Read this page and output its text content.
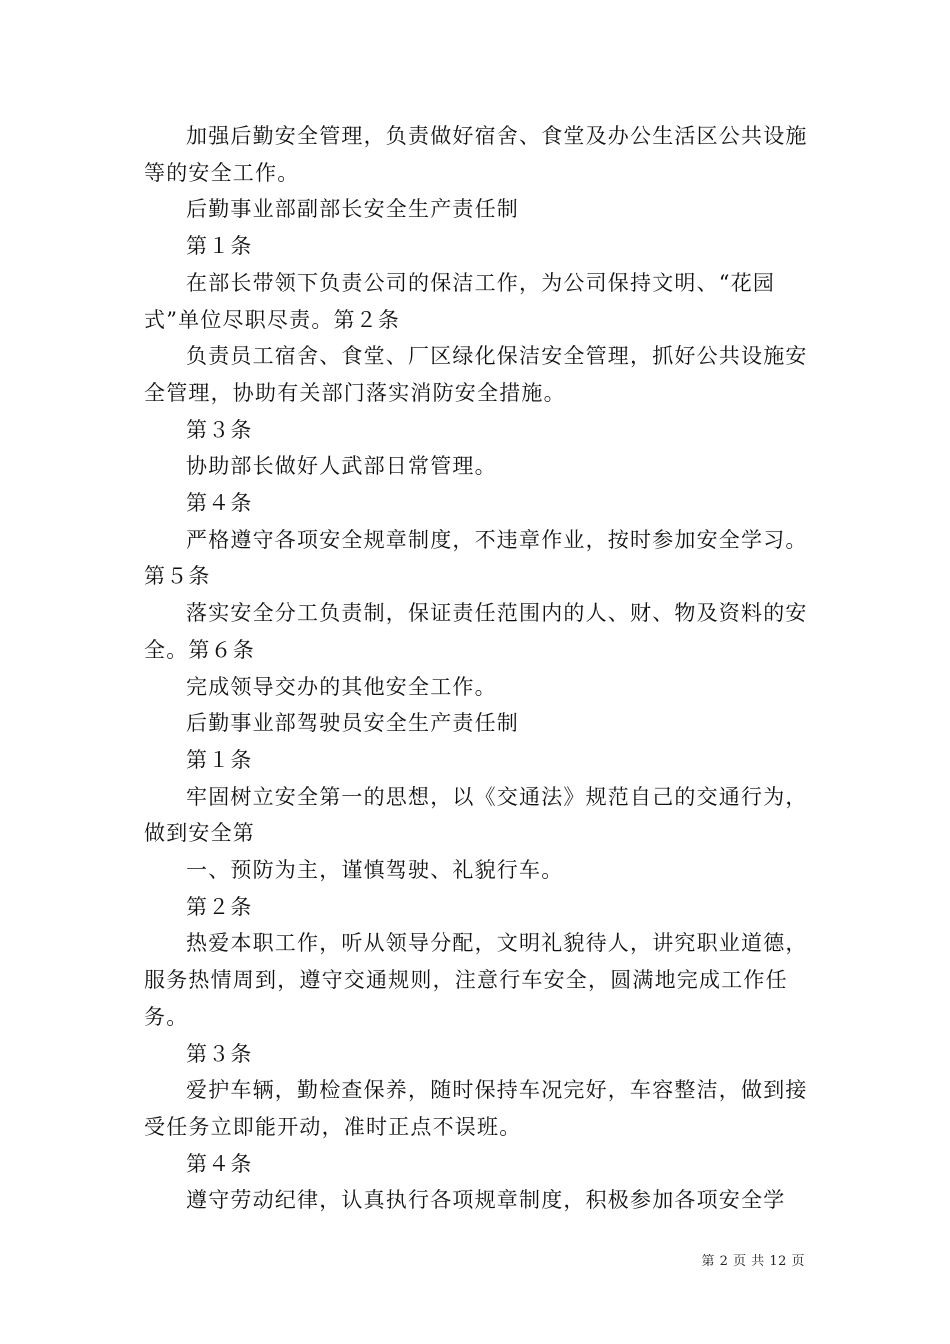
加强后勤安全管理，负责做好宿舍、食堂及办公生活区公共设施等的安全工作。

后勤事业部副部长安全生产责任制

第１条

在部长带领下负责公司的保洁工作，为公司保持文明、“花园式”单位尽职尽责。第２条

负责员工宿舍、食堂、厂区绿化保洁安全管理，抓好公共设施安全管理，协助有关部门落实消防安全措施。

第３条

协助部长做好人武部日常管理。

第４条

严格遵守各项安全规章制度，不违章作业，按时参加安全学习。第５条

落实安全分工负责制，保证责任范围内的人、财、物及资料的安全。第６条

完成领导交办的其他安全工作。

后勤事业部驾驶员安全生产责任制

第１条

牢固树立安全第一的思想，以《交通法》规范自己的交通行为，做到安全第

一、预防为主，谨慎驾驶、礼貌行车。

第２条

热爱本职工作，听从领导分配，文明礼貌待人，讲究职业道德，服务热情周到，遵守交通规则，注意行车安全，圆满地完成工作任务。

第３条

爱护车辆，勤检查保养，随时保持车况完好，车容整洁，做到接受任务立即能开动，准时正点不误班。

第４条

遵守劳动纪律，认真执行各项规章制度，积极参加各项安全学

第 2 页 共 12 页
